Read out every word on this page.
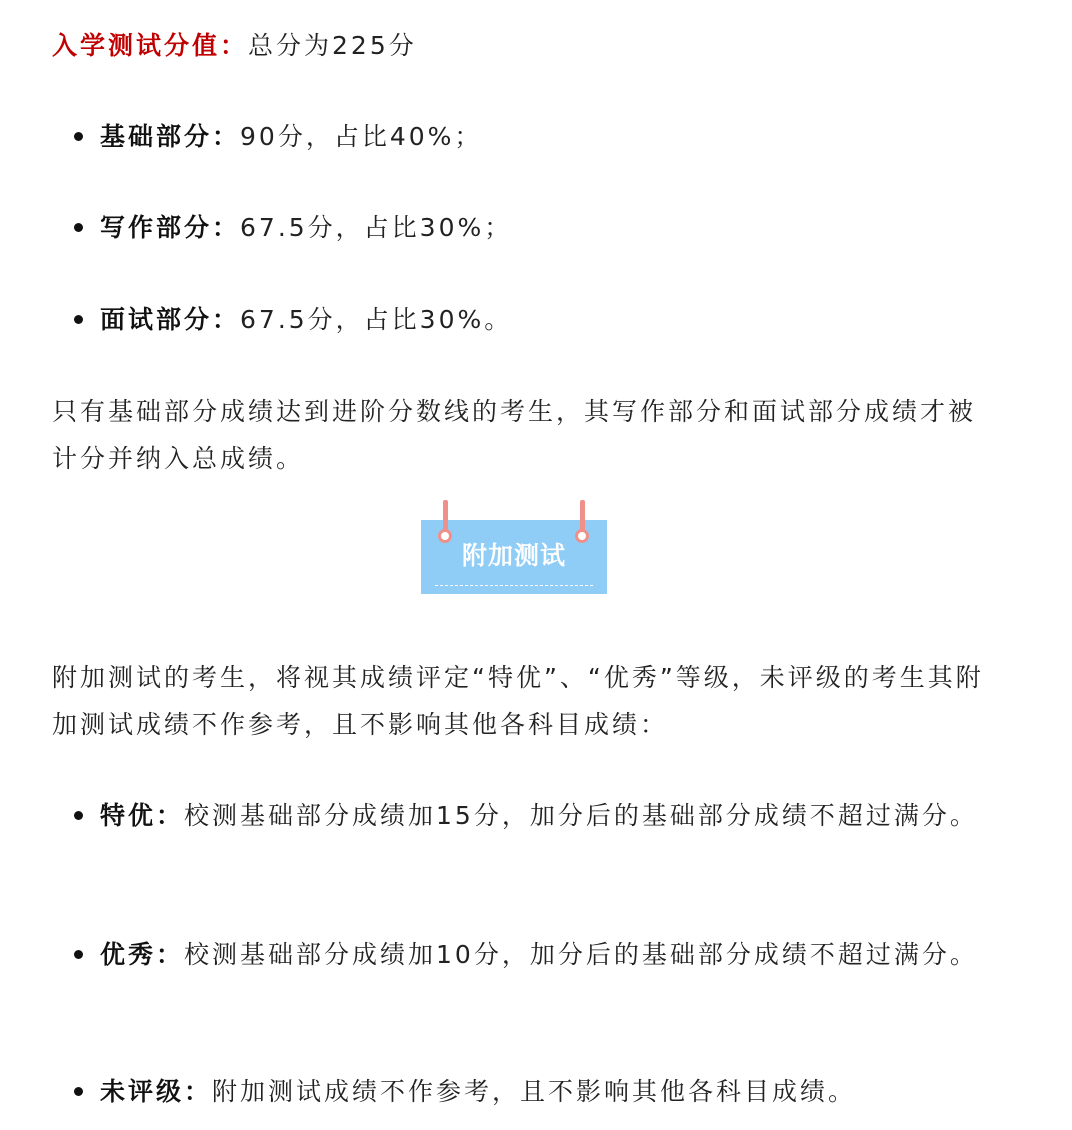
入学测试分值：总分为225分
基础部分：90分，占比40%；
写作部分：67.5分，占比30%；
面试部分：67.5分，占比30%。
只有基础部分成绩达到进阶分数线的考生，其写作部分和面试部分成绩才被计分并纳入总成绩。
附加测试
附加测试的考生，将视其成绩评定“特优”、“优秀”等级，未评级的考生其附加测试成绩不作参考，且不影响其他各科目成绩：
特优：校测基础部分成绩加15分，加分后的基础部分成绩不超过满分。
优秀：校测基础部分成绩加10分，加分后的基础部分成绩不超过满分。
未评级：附加测试成绩不作参考，且不影响其他各科目成绩。
